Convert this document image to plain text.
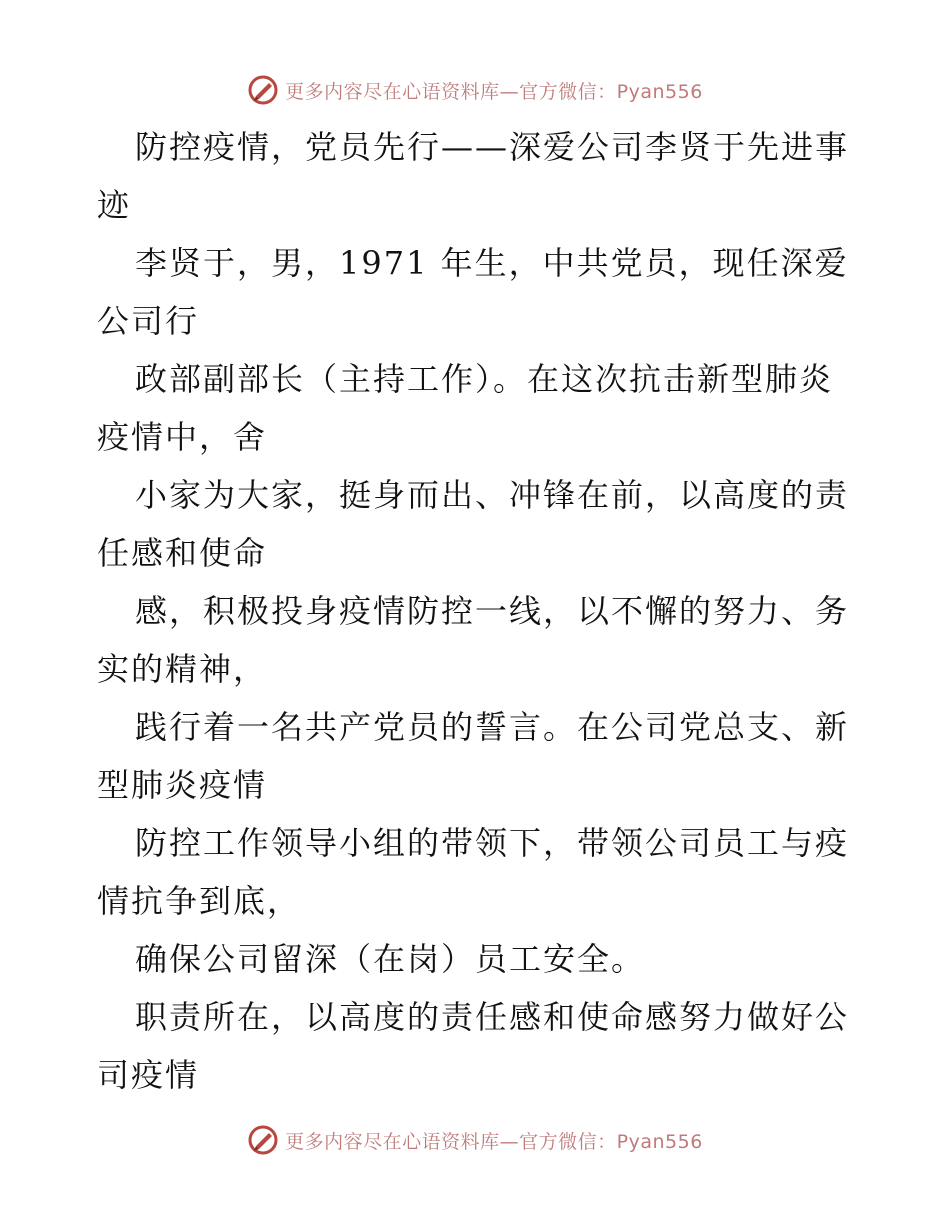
更多内容尽在心语资料库—官方微信：Pyan556

防控疫情，党员先行——深爱公司李贤于先进事迹

李贤于，男，1971 年生，中共党员，现任深爱公司行

政部副部长（主持工作）。在这次抗击新型肺炎疫情中，舍

小家为大家，挺身而出、冲锋在前，以高度的责任感和使命

感，积极投身疫情防控一线，以不懈的努力、务实的精神，

践行着一名共产党员的誓言。在公司党总支、新型肺炎疫情

防控工作领导小组的带领下，带领公司员工与疫情抗争到底，

确保公司留深（在岗）员工安全。

职责所在，以高度的责任感和使命感努力做好公司疫情

更多内容尽在心语资料库—官方微信：Pyan556
